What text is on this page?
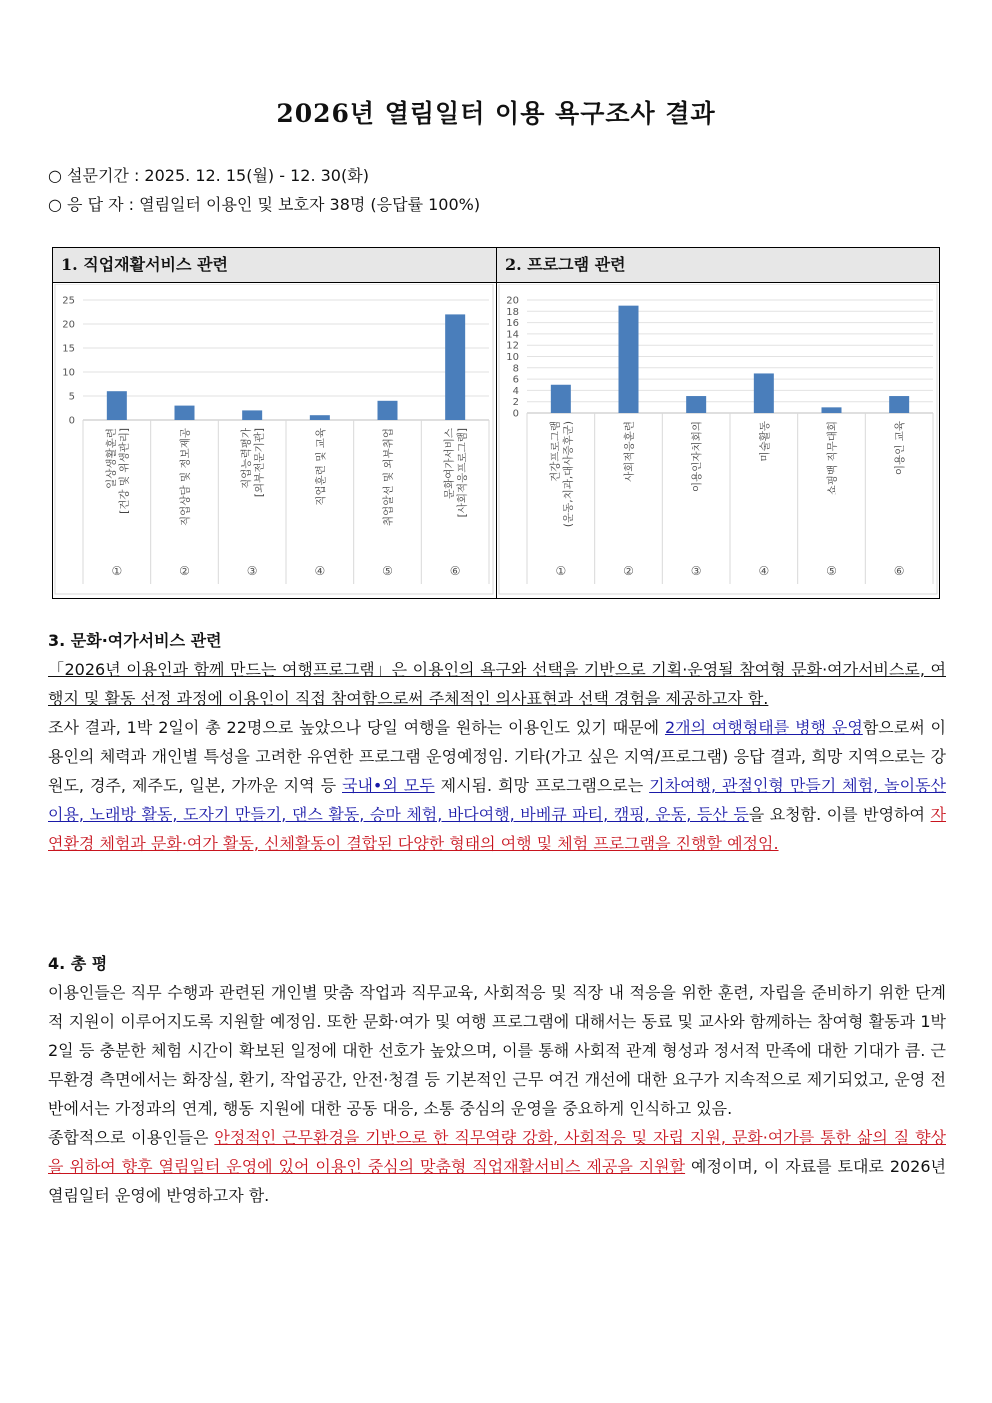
2026년 열림일터 이용 욕구조사 결과
○ 설문기간 : 2025. 12. 15(월) - 12. 30(화)
○ 응 답 자 : 열림일터 이용인 및 보호자 38명 (응답률 100%)
1. 직업재활서비스 관련
0
5
10
15
20
25
일상생활훈련 [건강 및 위생관리]
①
직업상담 및 정보제공
②
직업능력평가 [외부전문기관]
③
직업훈련 및 교육
④
취업알선 및 외부취업
⑤
문화여가서비스 [사회적응프로그램]
⑥
2. 프로그램 관련
0
2
4
6
8
10
12
14
16
18
20
건강프로그램 (운동,치과,대사증후군)
①
사회적응훈련
②
이용인자치회의
③
미술활동
④
쇼핑백 직무대회
⑤
이용인 교육
⑥
3. 문화·여가서비스 관련

「2026년 이용인과 함께 만드는 여행프로그램」은 이용인의 욕구와 선택을 기반으로 기획·운영될 참여형 문화·여가서비스로, 여행지 및 활동 선정 과정에 이용인이 직접 참여함으로써 주체적인 의사표현과 선택 경험을 제공하고자 함.

조사 결과, 1박 2일이 총 22명으로 높았으나 당일 여행을 원하는 이용인도 있기 때문에 2개의 여행형태를 병행 운영함으로써 이용인의 체력과 개인별 특성을 고려한 유연한 프로그램 운영예정임. 기타(가고 싶은 지역/프로그램) 응답 결과, 희망 지역으로는 강원도, 경주, 제주도, 일본, 가까운 지역 등 국내•외 모두 제시됨. 희망 프로그램으로는 기차여행, 관절인형 만들기 체험, 놀이동산 이용, 노래방 활동, 도자기 만들기, 댄스 활동, 승마 체험, 바다여행, 바베큐 파티, 캠핑, 운동, 등산 등을 요청함. 이를 반영하여 자연환경 체험과 문화·여가 활동, 신체활동이 결합된 다양한 형태의 여행 및 체험 프로그램을 진행할 예정임.

4. 총 평

이용인들은 직무 수행과 관련된 개인별 맞춤 작업과 직무교육, 사회적응 및 직장 내 적응을 위한 훈련, 자립을 준비하기 위한 단계적 지원이 이루어지도록 지원할 예정임. 또한 문화·여가 및 여행 프로그램에 대해서는 동료 및 교사와 함께하는 참여형 활동과 1박 2일 등 충분한 체험 시간이 확보된 일정에 대한 선호가 높았으며, 이를 통해 사회적 관계 형성과 정서적 만족에 대한 기대가 큼. 근무환경 측면에서는 화장실, 환기, 작업공간, 안전·청결 등 기본적인 근무 여건 개선에 대한 요구가 지속적으로 제기되었고, 운영 전반에서는 가정과의 연계, 행동 지원에 대한 공동 대응, 소통 중심의 운영을 중요하게 인식하고 있음.

종합적으로 이용인들은 안정적인 근무환경을 기반으로 한 직무역량 강화, 사회적응 및 자립 지원, 문화·여가를 통한 삶의 질 향상을 위하여 향후 열림일터 운영에 있어 이용인 중심의 맞춤형 직업재활서비스 제공을 지원할 예정이며, 이 자료를 토대로 2026년 열림일터 운영에 반영하고자 함.
